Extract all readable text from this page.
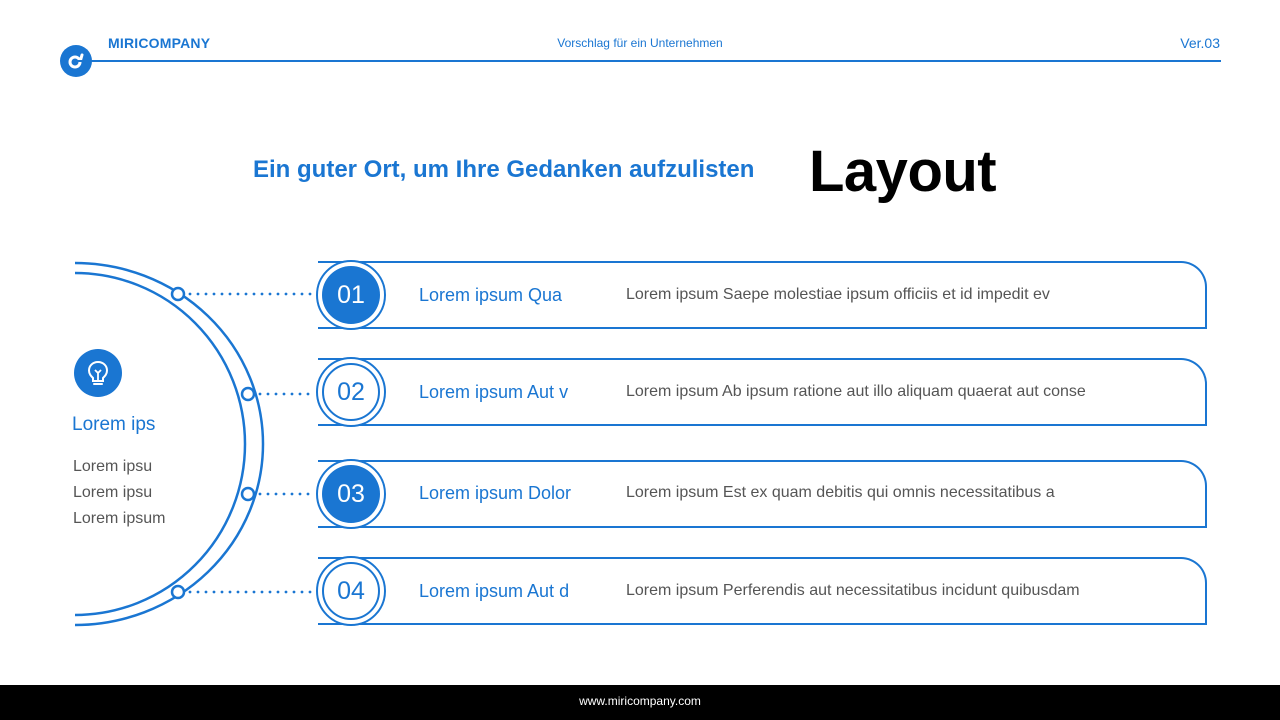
MIRICOMPANY	Vorschlag für ein Unternehmen	Ver.03
Ein guter Ort, um Ihre Gedanken aufzulisten Layout
Lorem ips
Lorem ipsu
Lorem ipsu
Lorem ipsum
01	Lorem ipsum Qua	Lorem ipsum Saepe molestiae ipsum officiis et id impedit ev
02	Lorem ipsum Aut v	Lorem ipsum Ab ipsum ratione aut illo aliquam quaerat aut conse
03	Lorem ipsum Dolor	Lorem ipsum Est ex quam debitis qui omnis necessitatibus a
04	Lorem ipsum Aut d	Lorem ipsum Perferendis aut necessitatibus incidunt quibusdam
www.miricompany.com
